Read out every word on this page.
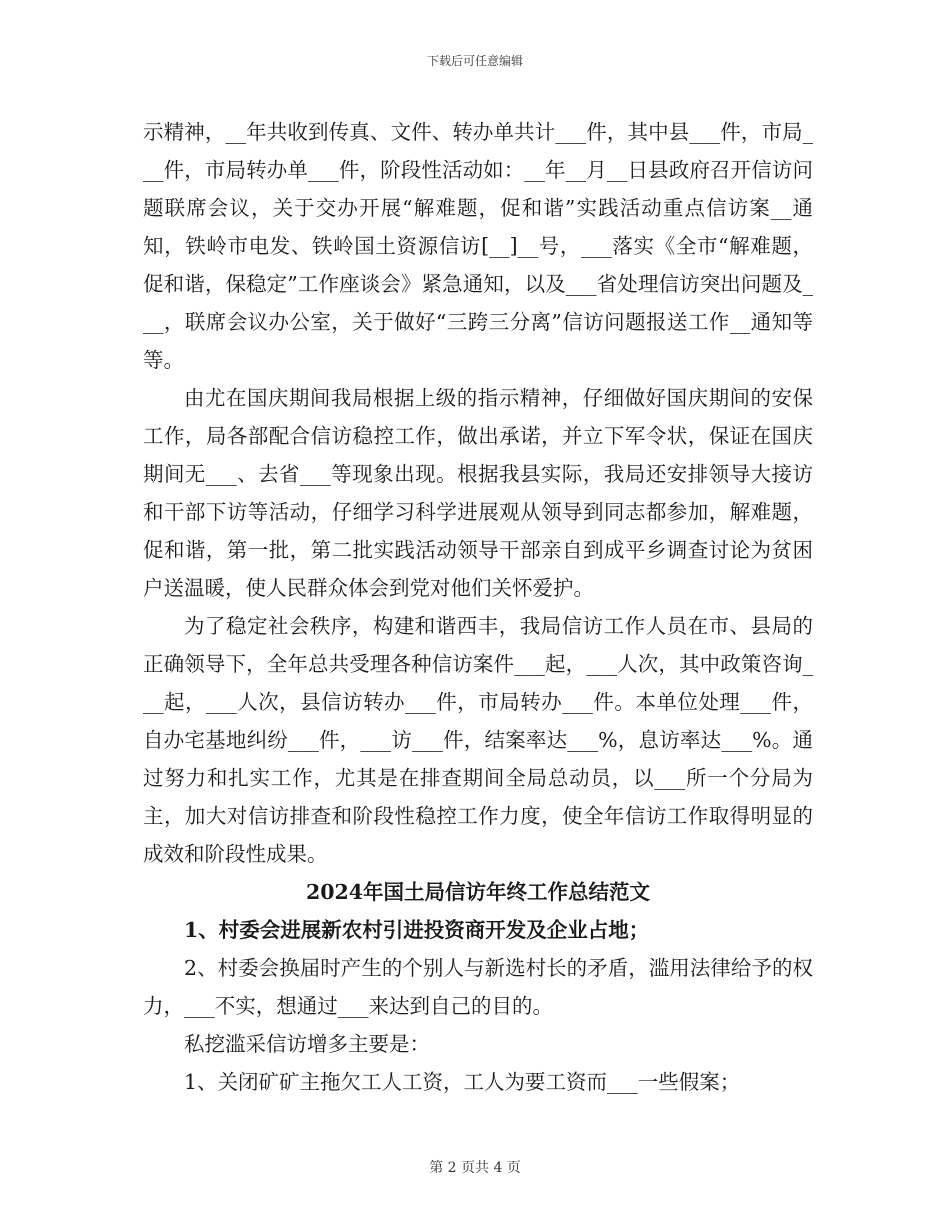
下载后可任意编辑

示精神，__年共收到传真、文件、转办单共计___件，其中县___件，市局___件，市局转办单___件，阶段性活动如：__年__月__日县政府召开信访问题联席会议，关于交办开展“解难题，促和谐”实践活动重点信访案__通知，铁岭市电发、铁岭国土资源信访[__]__号，___落实《全市“解难题，促和谐，保稳定”工作座谈会》紧急通知，以及___省处理信访突出问题及___，联席会议办公室，关于做好“三跨三分离”信访问题报送工作__通知等等。

由尤在国庆期间我局根据上级的指示精神，仔细做好国庆期间的安保工作，局各部配合信访稳控工作，做出承诺，并立下军令状，保证在国庆期间无___、去省___等现象出现。根据我县实际，我局还安排领导大接访和干部下访等活动，仔细学习科学进展观从领导到同志都参加，解难题，促和谐，第一批，第二批实践活动领导干部亲自到成平乡调查讨论为贫困户送温暖，使人民群众体会到党对他们关怀爱护。

为了稳定社会秩序，构建和谐西丰，我局信访工作人员在市、县局的正确领导下，全年总共受理各种信访案件___起，___人次，其中政策咨询___起，___人次，县信访转办___件，市局转办___件。本单位处理___件，自办宅基地纠纷___件，___访___件，结案率达___%，息访率达___%。通过努力和扎实工作，尤其是在排查期间全局总动员，以___所一个分局为主，加大对信访排查和阶段性稳控工作力度，使全年信访工作取得明显的成效和阶段性成果。

2024年国土局信访年终工作总结范文

1、村委会进展新农村引进投资商开发及企业占地；

2、村委会换届时产生的个别人与新选村长的矛盾，滥用法律给予的权力，___不实，想通过___来达到自己的目的。

私挖滥采信访增多主要是：

1、关闭矿矿主拖欠工人工资，工人为要工资而___一些假案；

第 2 页共 4 页
